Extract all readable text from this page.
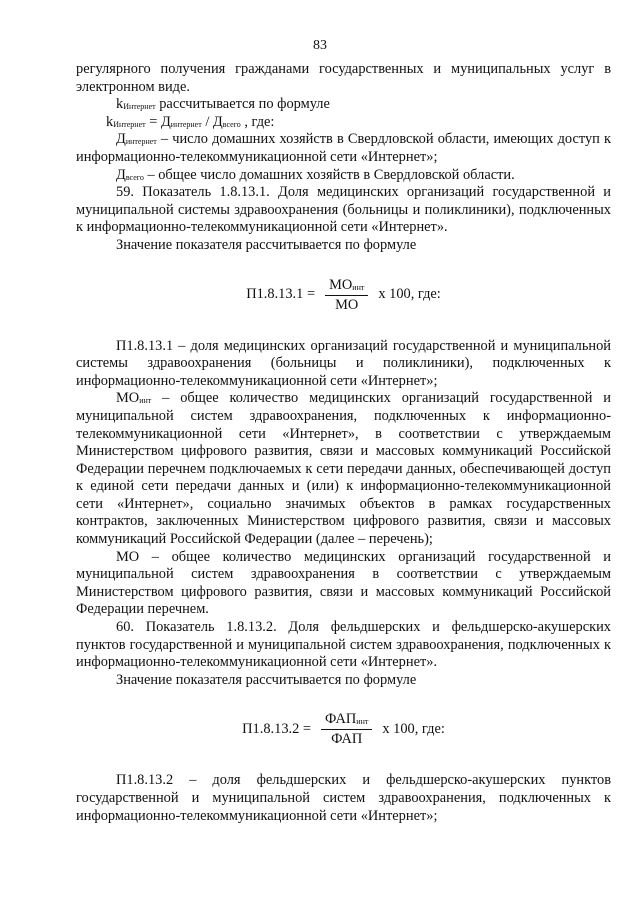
83

регулярного получения гражданами государственных и муниципальных услуг в электронном виде.

$k_{Интернет}$ рассчитывается по формуле

$k_{Интернет} = Д_{интернет} / Д_{всего}$ , где:

$Д_{интернет}$ – число домашних хозяйств в Свердловской области, имеющих доступ к информационно-телекоммуникационной сети «Интернет»;

$Д_{всего}$ – общее число домашних хозяйств в Свердловской области.

59. Показатель 1.8.13.1. Доля медицинских организаций государственной и муниципальной системы здравоохранения (больницы и поликлиники), подключенных к информационно-телекоммуникационной сети «Интернет».

Значение показателя рассчитывается по формуле

$П1.8.13.1 = \frac{МО_{инт}}{МО}$ x 100, где:

П1.8.13.1 – доля медицинских организаций государственной и муниципальной системы здравоохранения (больницы и поликлиники), подключенных к информационно-телекоммуникационной сети «Интернет»;

$МО_{инт}$ – общее количество медицинских организаций государственной и муниципальной систем здравоохранения, подключенных к информационно-телекоммуникационной сети «Интернет», в соответствии с утверждаемым Министерством цифрового развития, связи и массовых коммуникаций Российской Федерации перечнем подключаемых к сети передачи данных, обеспечивающей доступ к единой сети передачи данных и (или) к информационно-телекоммуникационной сети «Интернет», социально значимых объектов в рамках государственных контрактов, заключенных Министерством цифрового развития, связи и массовых коммуникаций Российской Федерации (далее – перечень);

МО – общее количество медицинских организаций государственной и муниципальной систем здравоохранения в соответствии с утверждаемым Министерством цифрового развития, связи и массовых коммуникаций Российской Федерации перечнем.

60. Показатель 1.8.13.2. Доля фельдшерских и фельдшерско-акушерских пунктов государственной и муниципальной систем здравоохранения, подключенных к информационно-телекоммуникационной сети «Интернет».

Значение показателя рассчитывается по формуле

$П1.8.13.2 = \frac{ФАП_{инт}}{\text{ФАП}}$ x 100, где:

П1.8.13.2 – доля фельдшерских и фельдшерско-акушерских пунктов государственной и муниципальной систем здравоохранения, подключенных к информационно-телекоммуникационной сети «Интернет»;
